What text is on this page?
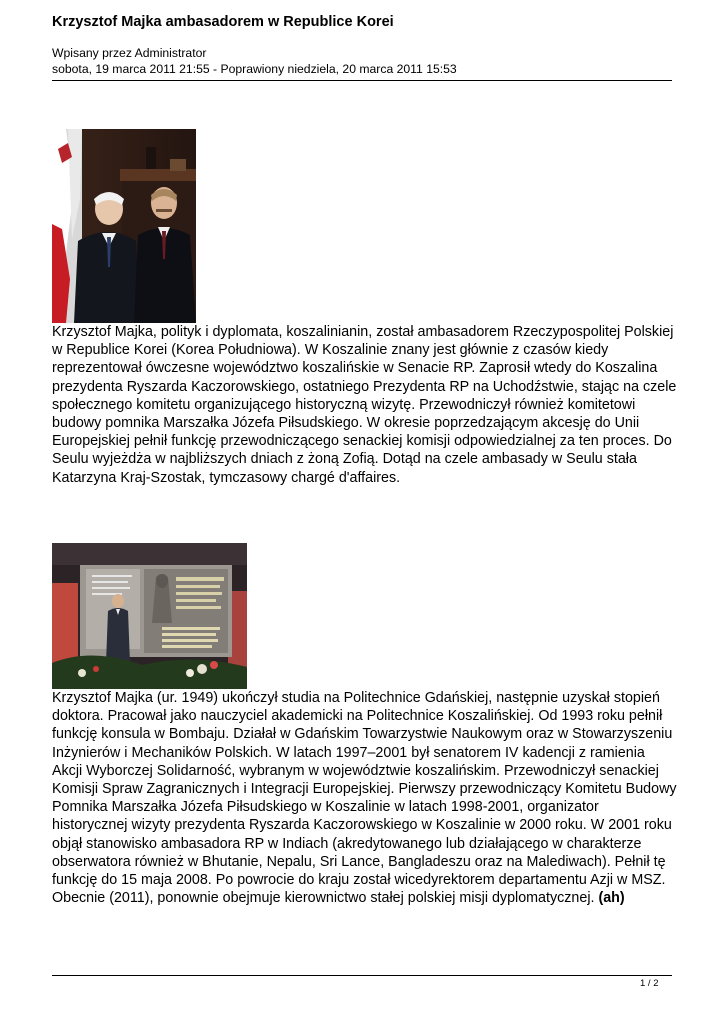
Krzysztof Majka ambasadorem w Republice Korei
Wpisany przez Administrator
sobota, 19 marca 2011 21:55 - Poprawiony niedziela, 20 marca 2011 15:53

Krzysztof Majka, polityk i dyplomata, koszalinianin, został ambasadorem Rzeczypospolitej Polskiej w Republice Korei (Korea Południowa). W Koszalinie znany jest głównie z czasów kiedy reprezentował ówczesne województwo koszalińskie w Senacie RP. Zaprosił wtedy do Koszalina prezydenta Ryszarda Kaczorowskiego, ostatniego Prezydenta RP na Uchodźstwie, stając na czele społecznego komitetu organizującego historyczną wizytę. Przewodniczył również komitetowi budowy pomnika Marszałka Józefa Piłsudskiego. W okresie poprzedzającym akcesję do Unii Europejskiej pełnił funkcję przewodniczącego senackiej komisji odpowiedzialnej za ten proces. Do Seulu wyjeżdża w najbliższych dniach z żoną Zofią. Dotąd na czele ambasady w Seulu stała Katarzyna Kraj-Szostak, tymczasowy chargé d'affaires.

Krzysztof Majka (ur. 1949) ukończył studia na Politechnice Gdańskiej, następnie uzyskał stopień doktora. Pracował jako nauczyciel akademicki na Politechnice Koszalińskiej. Od 1993 roku pełnił funkcję konsula w Bombaju. Działał w Gdańskim Towarzystwie Naukowym oraz w Stowarzyszeniu Inżynierów i Mechaników Polskich. W latach 1997–2001 był senatorem IV kadencji z ramienia Akcji Wyborczej Solidarność, wybranym w województwie koszalińskim. Przewodniczył senackiej Komisji Spraw Zagranicznych i Integracji Europejskiej. Pierwszy przewodniczący Komitetu Budowy Pomnika Marszałka Józefa Piłsudskiego w Koszalinie w latach 1998-2001, organizator historycznej wizyty prezydenta Ryszarda Kaczorowskiego w Koszalinie w 2000 roku. W 2001 roku objął stanowisko ambasadora RP w Indiach (akredytowanego lub działającego w charakterze obserwatora również w Bhutanie, Nepalu, Sri Lance, Bangladeszu oraz na Malediwach). Pełnił tę funkcję do 15 maja 2008. Po powrocie do kraju został wicedyrektorem departamentu Azji w MSZ. Obecnie (2011), ponownie obejmuje kierownictwo stałej polskiej misji dyplomatycznej. (ah)

1 / 2
